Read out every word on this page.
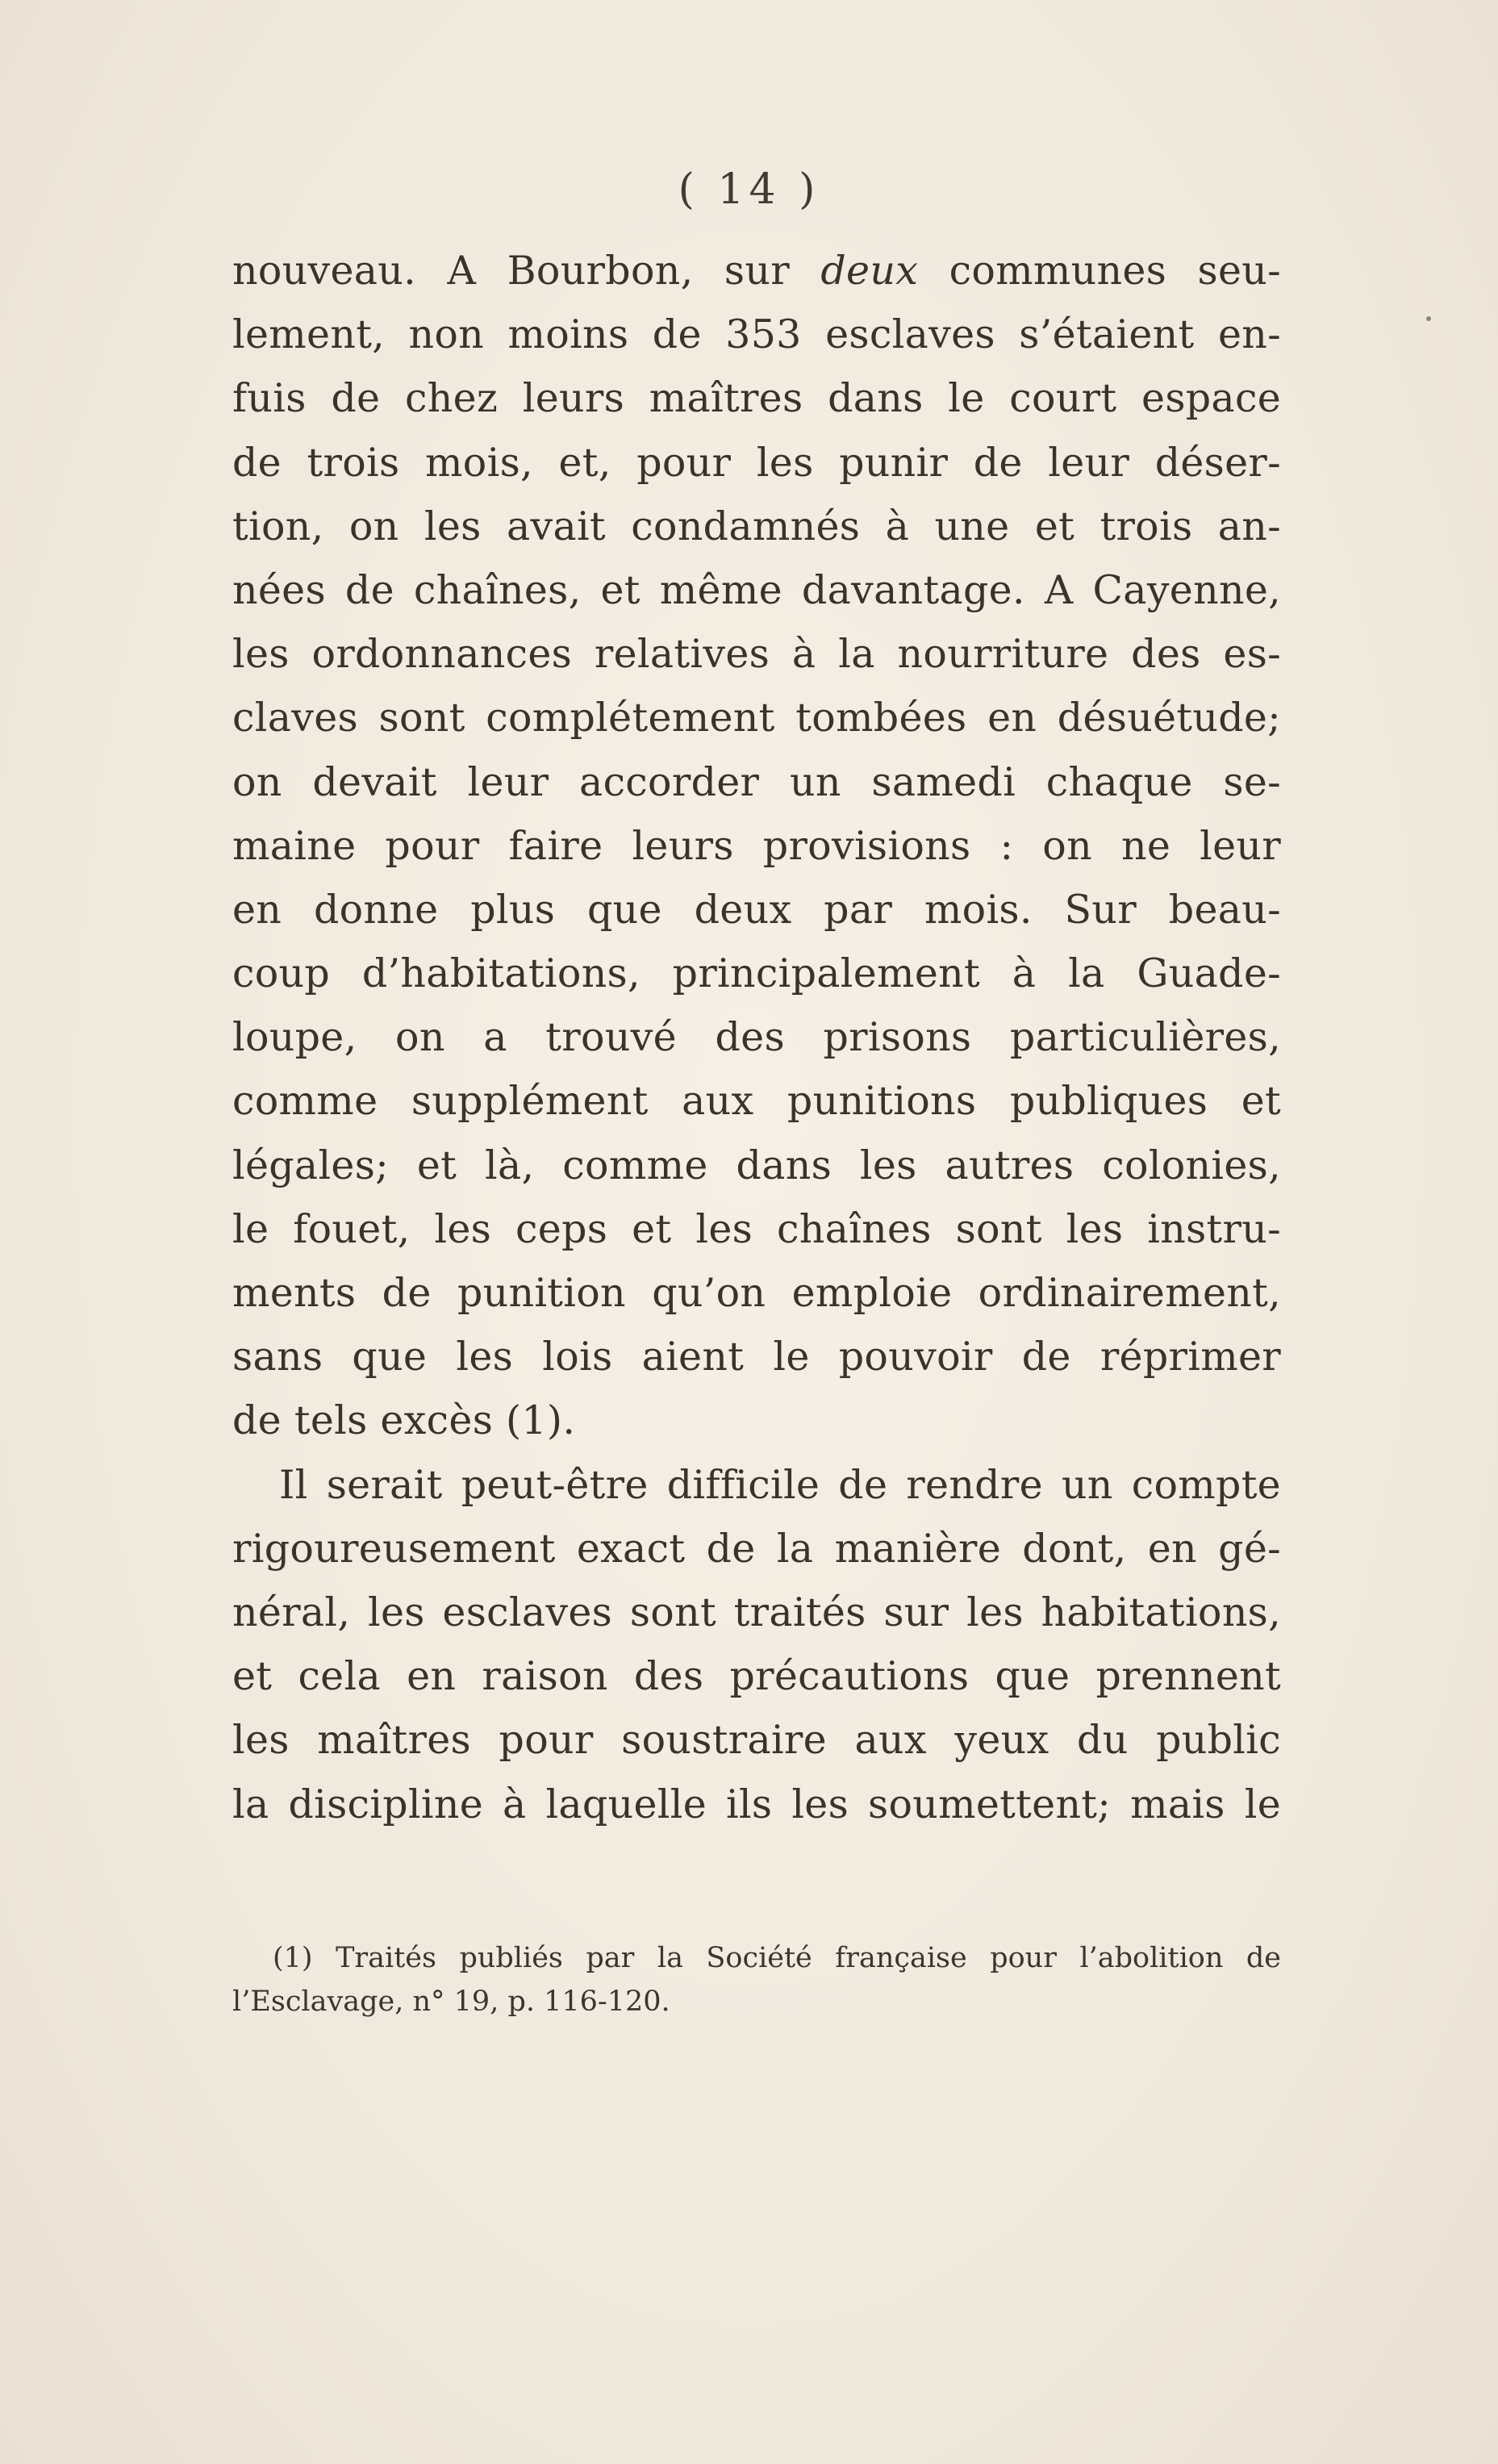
( 14 )
nouveau. A Bourbon, sur deux communes seu-
lement, non moins de 353 esclaves s’étaient en-
fuis de chez leurs maîtres dans le court espace
de trois mois, et, pour les punir de leur déser-
tion, on les avait condamnés à une et trois an-
nées de chaînes, et même davantage. A Cayenne,
les ordonnances relatives à la nourriture des es-
claves sont complétement tombées en désuétude;
on devait leur accorder un samedi chaque se-
maine pour faire leurs provisions : on ne leur
en donne plus que deux par mois. Sur beau-
coup d’habitations, principalement à la Guade-
loupe, on a trouvé des prisons particulières,
comme supplément aux punitions publiques et
légales; et là, comme dans les autres colonies,
le fouet, les ceps et les chaînes sont les instru-
ments de punition qu’on emploie ordinairement,
sans que les lois aient le pouvoir de réprimer
de tels excès (1).
Il serait peut-être difficile de rendre un compte
rigoureusement exact de la manière dont, en gé-
néral, les esclaves sont traités sur les habitations,
et cela en raison des précautions que prennent
les maîtres pour soustraire aux yeux du public
la discipline à laquelle ils les soumettent; mais le
(1) Traités publiés par la Société française pour l’abolition de
l’Esclavage, n° 19, p. 116-120.
